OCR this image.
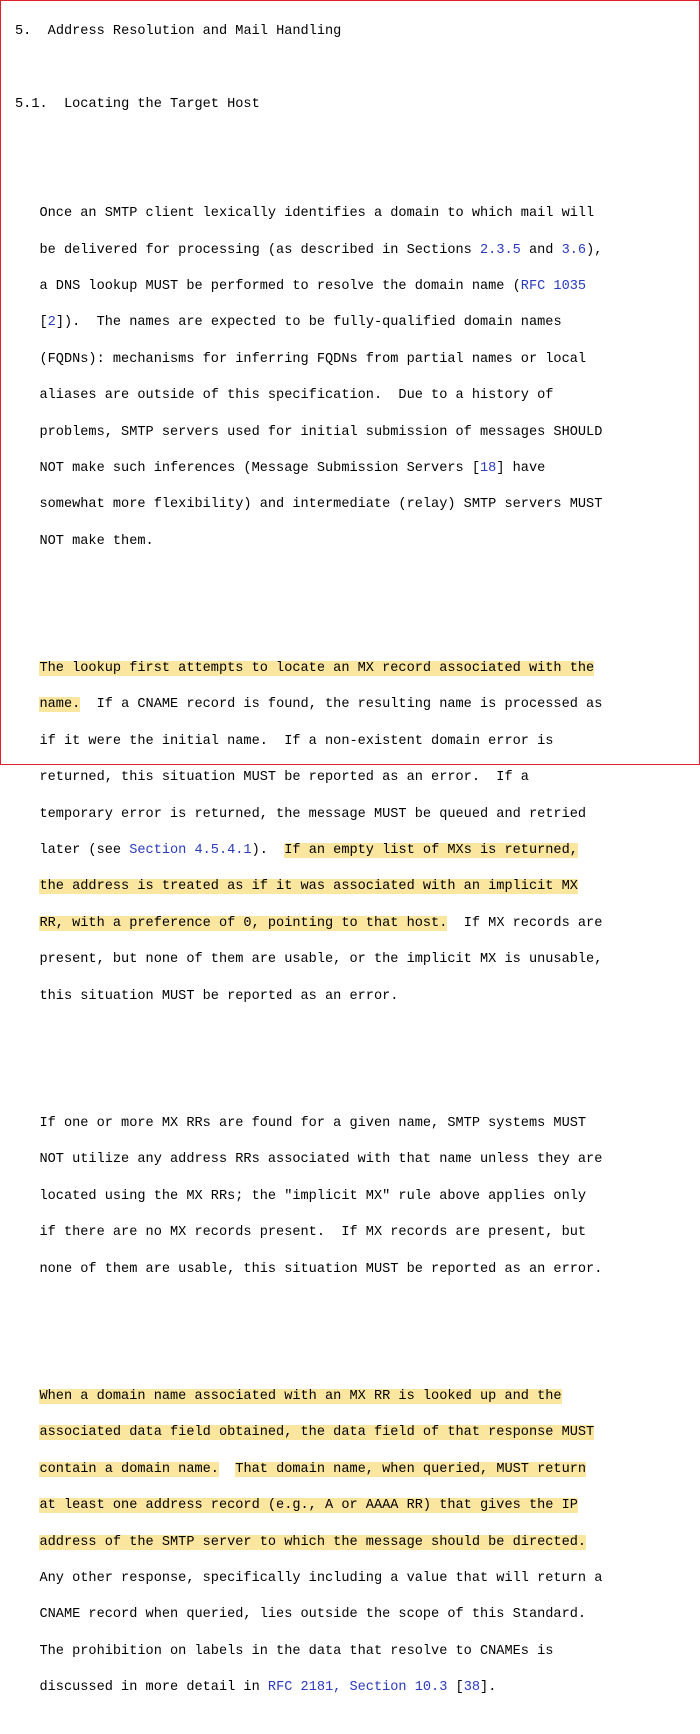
5. Address Resolution and Mail Handling

5.1. Locating the Target Host

Once an SMTP client lexically identifies a domain to which mail will

be delivered for processing (as described in Sections 2.3.5 and 3.6),

a DNS lookup MUST be performed to resolve the domain name (RFC 1035

[2]).  The names are expected to be fully-qualified domain names

(FQDNs): mechanisms for inferring FQDNs from partial names or local

aliases are outside of this specification.  Due to a history of

problems, SMTP servers used for initial submission of messages SHOULD

NOT make such inferences (Message Submission Servers [18] have

somewhat more flexibility) and intermediate (relay) SMTP servers MUST

NOT make them.

The lookup first attempts to locate an MX record associated with the

name.  If a CNAME record is found, the resulting name is processed as

if it were the initial name.  If a non-existent domain error is

returned, this situation MUST be reported as an error.  If a

temporary error is returned, the message MUST be queued and retried

later (see Section 4.5.4.1).  If an empty list of MXs is returned,

the address is treated as if it was associated with an implicit MX

RR, with a preference of 0, pointing to that host.  If MX records are

present, but none of them are usable, or the implicit MX is unusable,

this situation MUST be reported as an error.

If one or more MX RRs are found for a given name, SMTP systems MUST

NOT utilize any address RRs associated with that name unless they are

located using the MX RRs; the "implicit MX" rule above applies only

if there are no MX records present.  If MX records are present, but

none of them are usable, this situation MUST be reported as an error.

When a domain name associated with an MX RR is looked up and the

associated data field obtained, the data field of that response MUST

contain a domain name. That domain name, when queried, MUST return

at least one address record (e.g., A or AAAA RR) that gives the IP

address of the SMTP server to which the message should be directed.

Any other response, specifically including a value that will return a

CNAME record when queried, lies outside the scope of this Standard.

The prohibition on labels in the data that resolve to CNAMEs is

discussed in more detail in RFC 2181, Section 10.3 [38].
